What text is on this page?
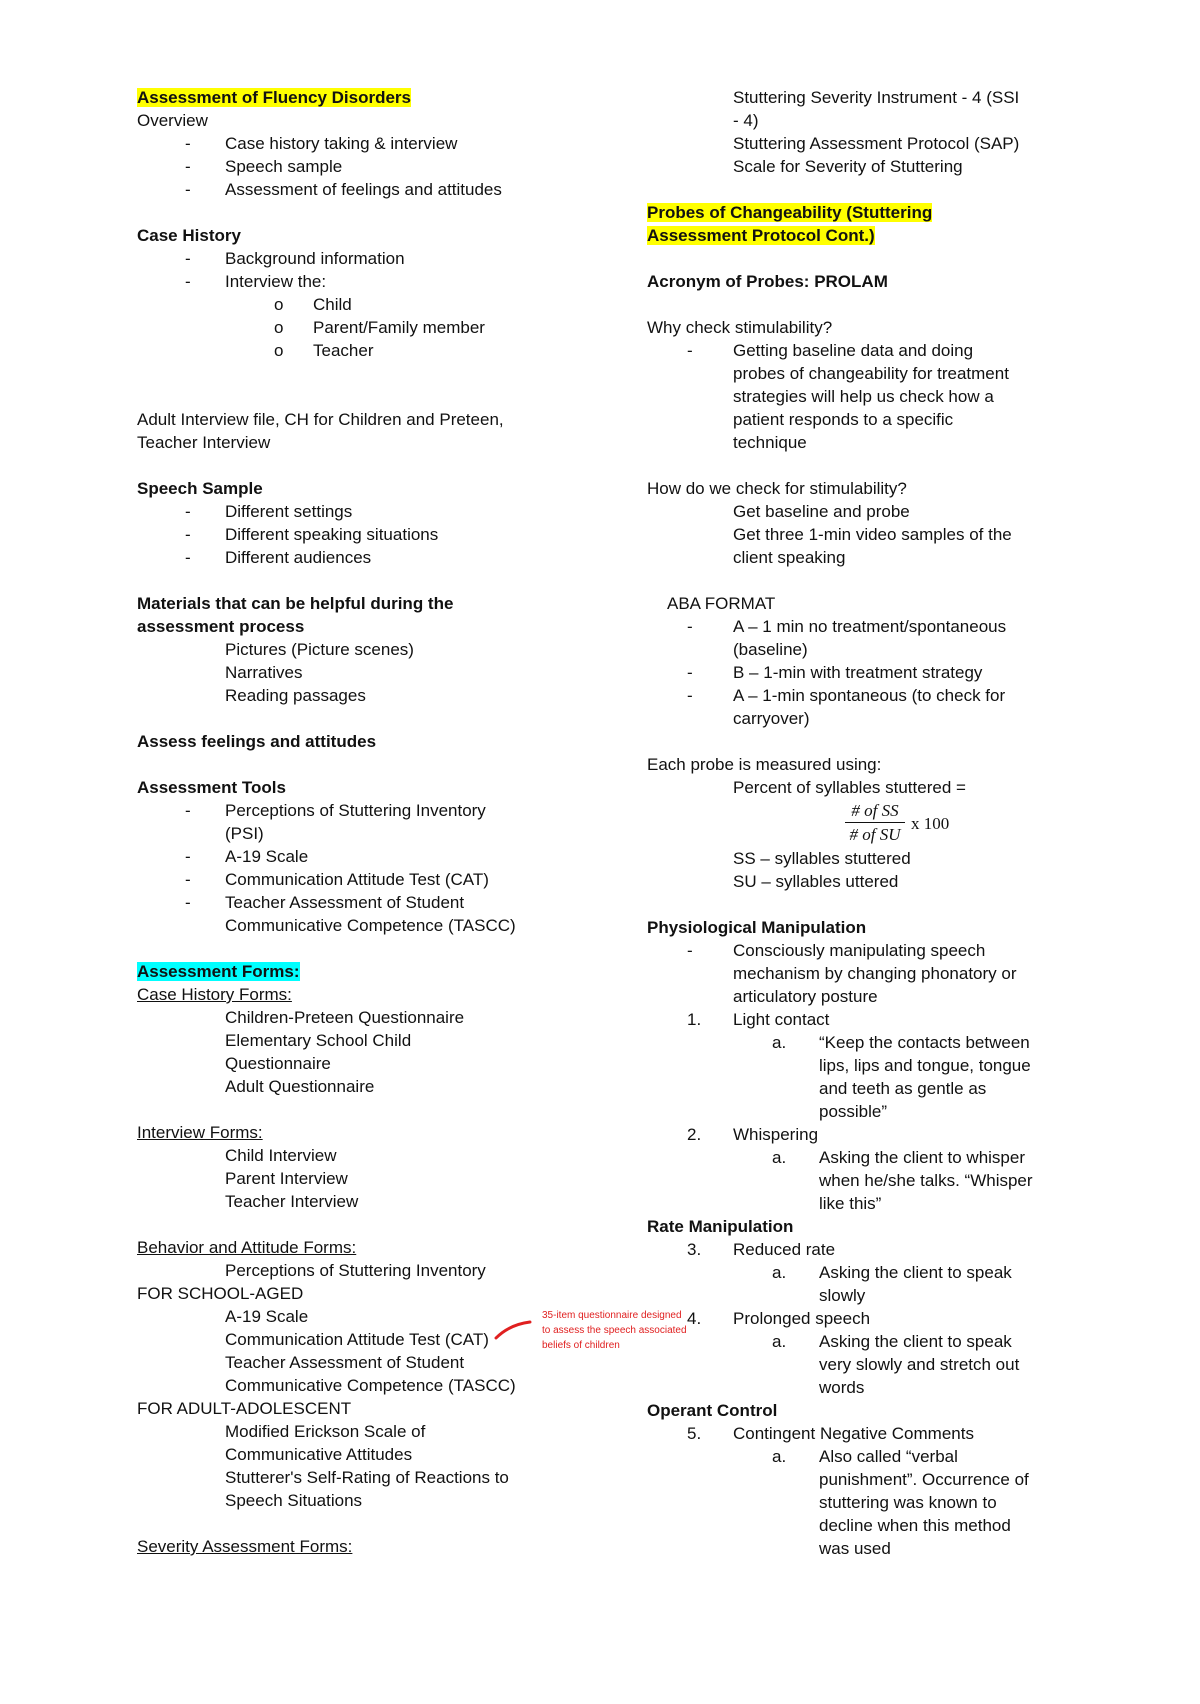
Assessment of Fluency Disorders
Overview
-	Case history taking & interview
-	Speech sample
-	Assessment of feelings and attitudes
Case History
-	Background information
-	Interview the:
o Child
o Parent/Family member
o Teacher
Adult Interview file, CH for Children and Preteen,
Teacher Interview
Speech Sample
-	Different settings
-	Different speaking situations
-	Different audiences
Materials that can be helpful during the
assessment process
Pictures (Picture scenes)
Narratives
Reading passages
Assess feelings and attitudes
Assessment Tools
-	Perceptions of Stuttering Inventory
(PSI)
-	A-19 Scale
-	Communication Attitude Test (CAT)
-	Teacher Assessment of Student
Communicative Competence (TASCC)
Assessment Forms:
Case History Forms:
Children-Preteen Questionnaire
Elementary School Child
Questionnaire
Adult Questionnaire
Interview Forms:
Child Interview
Parent Interview
Teacher Interview
Behavior and Attitude Forms:
Perceptions of Stuttering Inventory
FOR SCHOOL-AGED
A-19 Scale
Communication Attitude Test (CAT)
Teacher Assessment of Student
Communicative Competence (TASCC)
FOR ADULT-ADOLESCENT
Modified Erickson Scale of
Communicative Attitudes
Stutterer's Self-Rating of Reactions to
Speech Situations
Severity Assessment Forms:
35-item questionnaire designed
to assess the speech associated
beliefs of children
Stuttering Severity Instrument - 4 (SSI
- 4)
Stuttering Assessment Protocol (SAP)
Scale for Severity of Stuttering
Probes of Changeability (Stuttering
Assessment Protocol Cont.)
Acronym of Probes: PROLAM
Why check stimulability?
- Getting baseline data and doing
probes of changeability for treatment
strategies will help us check how a
patient responds to a specific
technique
How do we check for stimulability?
Get baseline and probe
Get three 1-min video samples of the
client speaking
ABA FORMAT
- A – 1 min no treatment/spontaneous
(baseline)
- B – 1-min with treatment strategy
- A – 1-min spontaneous (to check for
carryover)
Each probe is measured using:
Percent of syllables stuttered =
# of SS
# of SU
x 100
SS – syllables stuttered
SU – syllables uttered
Physiological Manipulation
- Consciously manipulating speech
mechanism by changing phonatory or
articulatory posture
1. Light contact
a. “Keep the contacts between
lips, lips and tongue, tongue
and teeth as gentle as
possible”
2. Whispering
a. Asking the client to whisper
when he/she talks. “Whisper
like this”
Rate Manipulation
3. Reduced rate
a. Asking the client to speak
slowly
4. Prolonged speech
a. Asking the client to speak
very slowly and stretch out
words
Operant Control
5. Contingent Negative Comments
a. Also called “verbal
punishment”. Occurrence of
stuttering was known to
decline when this method
was used
